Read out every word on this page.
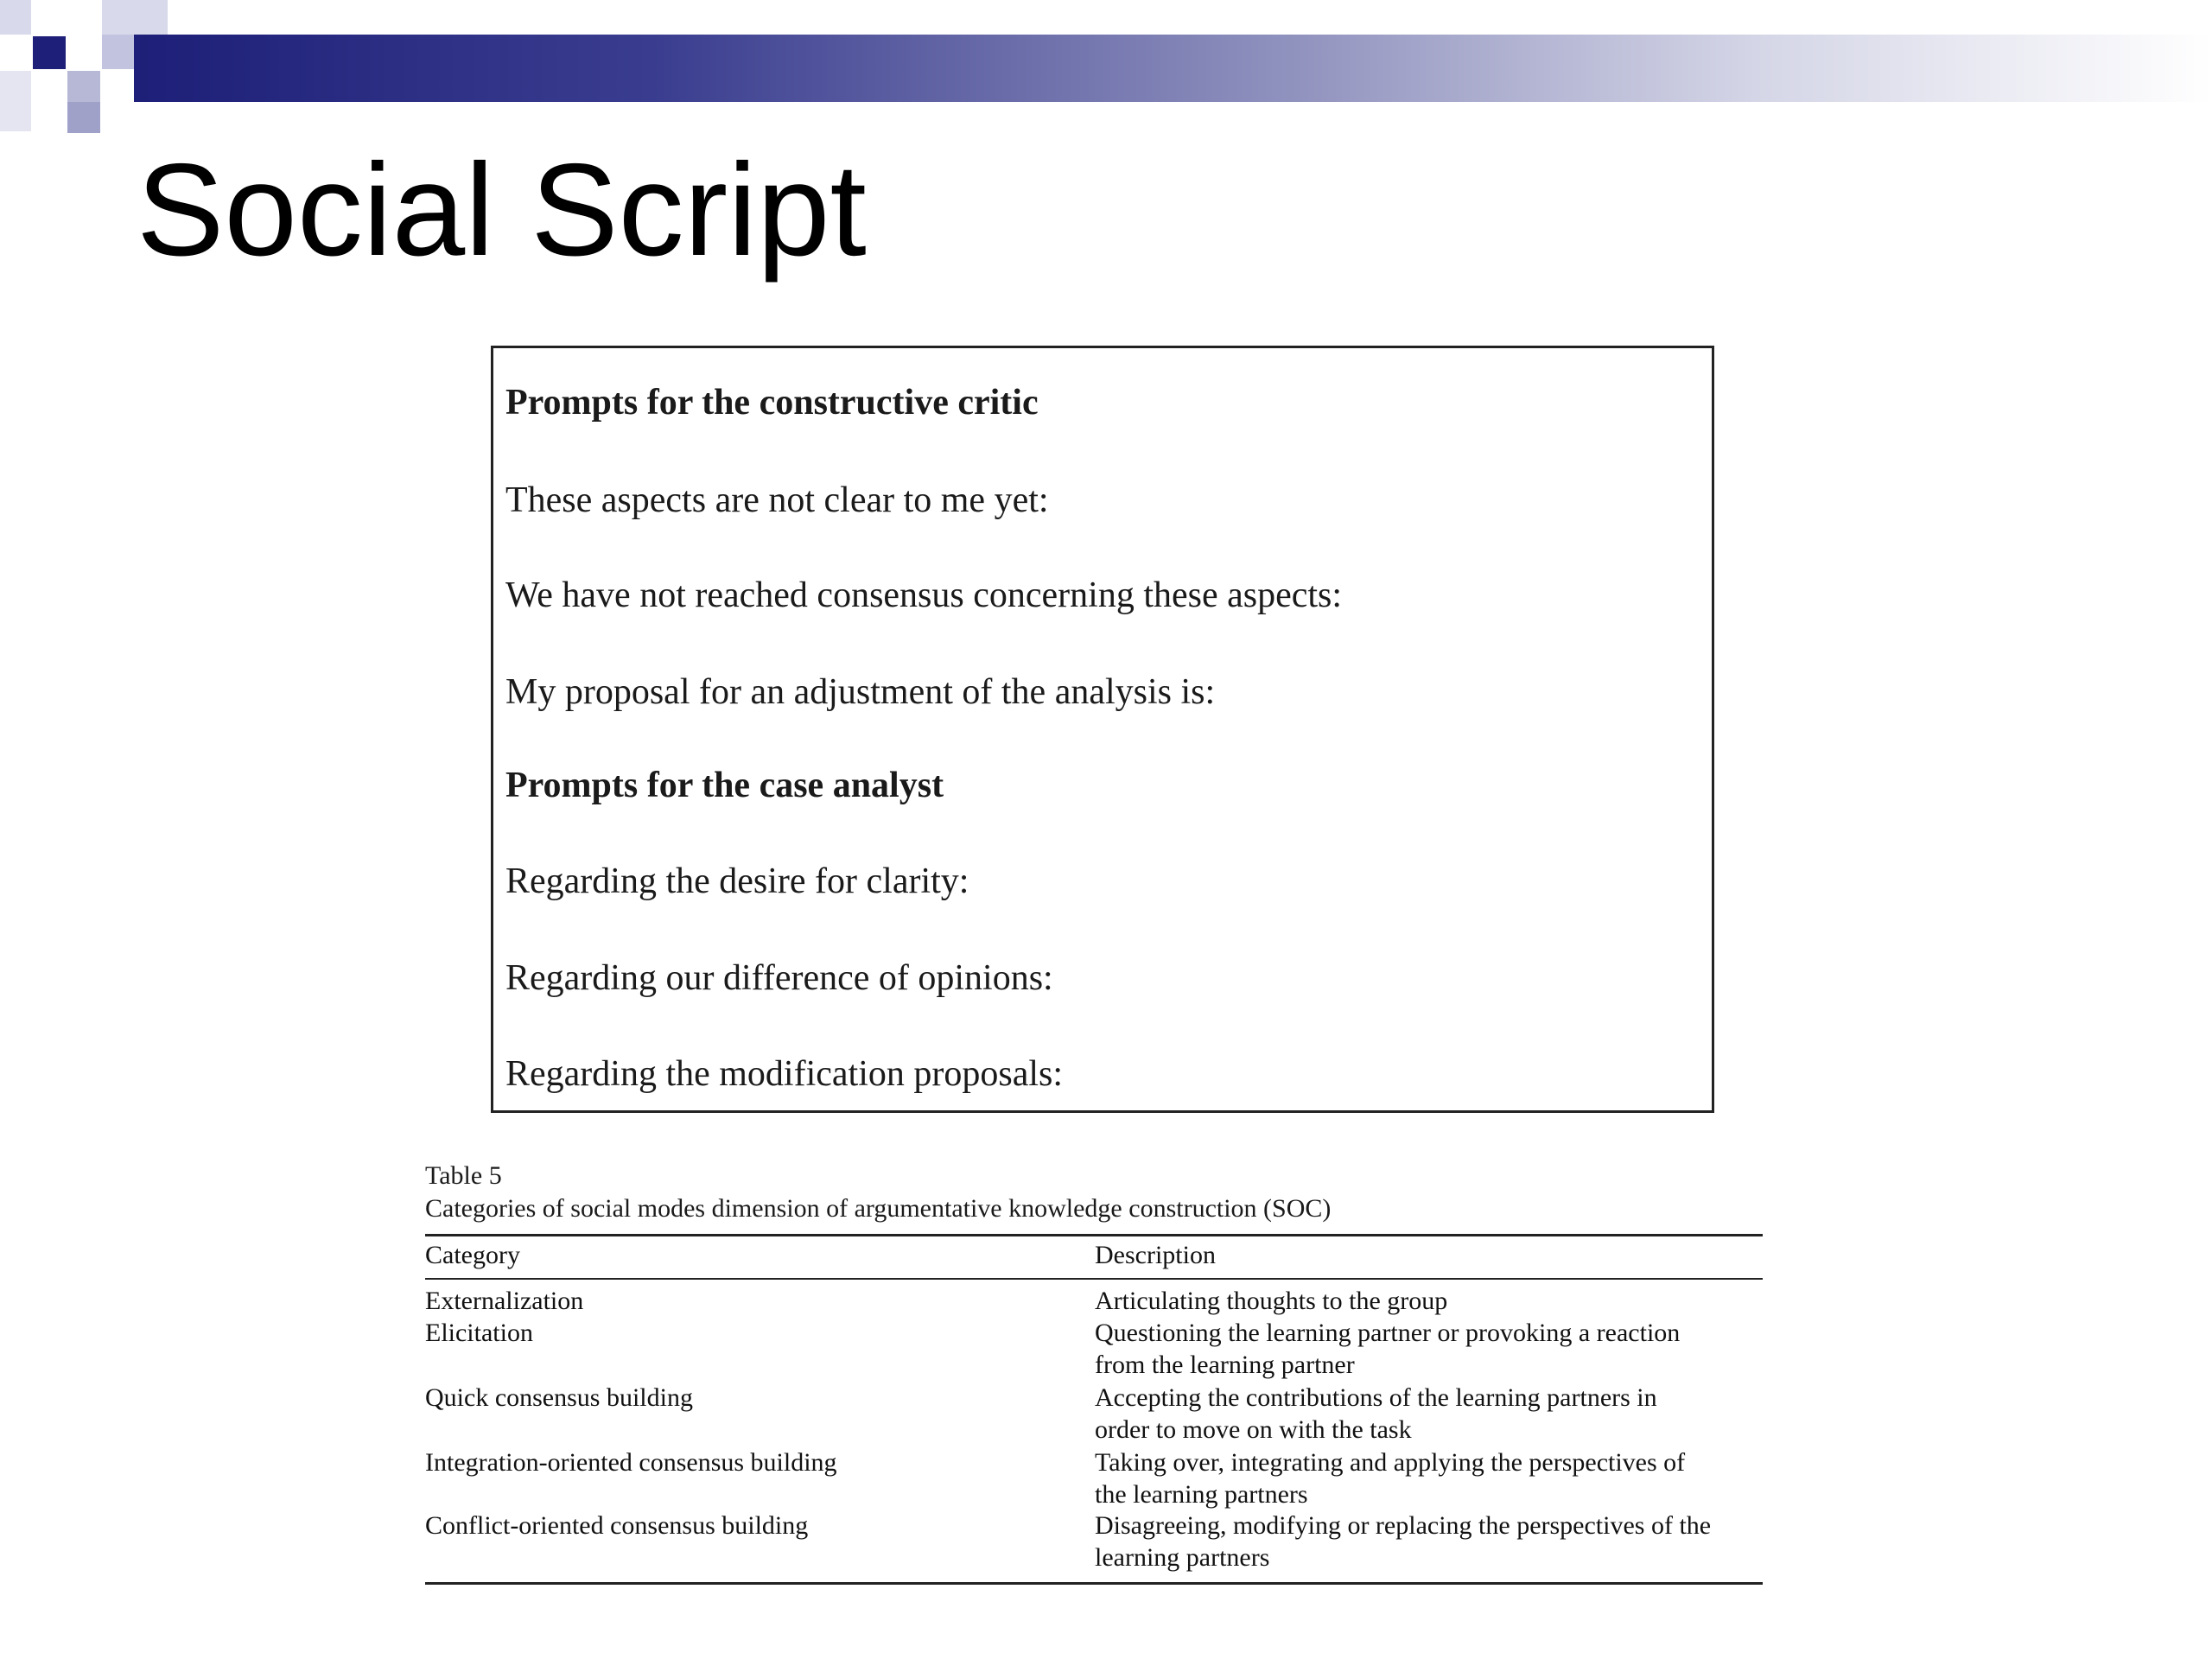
Social Script
Prompts for the constructive critic
These aspects are not clear to me yet:
We have not reached consensus concerning these aspects:
My proposal for an adjustment of the analysis is:
Prompts for the case analyst
Regarding the desire for clarity:
Regarding our difference of opinions:
Regarding the modification proposals:
Table 5
Categories of social modes dimension of argumentative knowledge construction (SOC)
Category	Description
Externalization	Articulating thoughts to the group
Elicitation	Questioning the learning partner or provoking a reaction
from the learning partner
Quick consensus building	Accepting the contributions of the learning partners in
order to move on with the task
Integration-oriented consensus building	Taking over, integrating and applying the perspectives of
the learning partners
Conflict-oriented consensus building	Disagreeing, modifying or replacing the perspectives of the
learning partners
